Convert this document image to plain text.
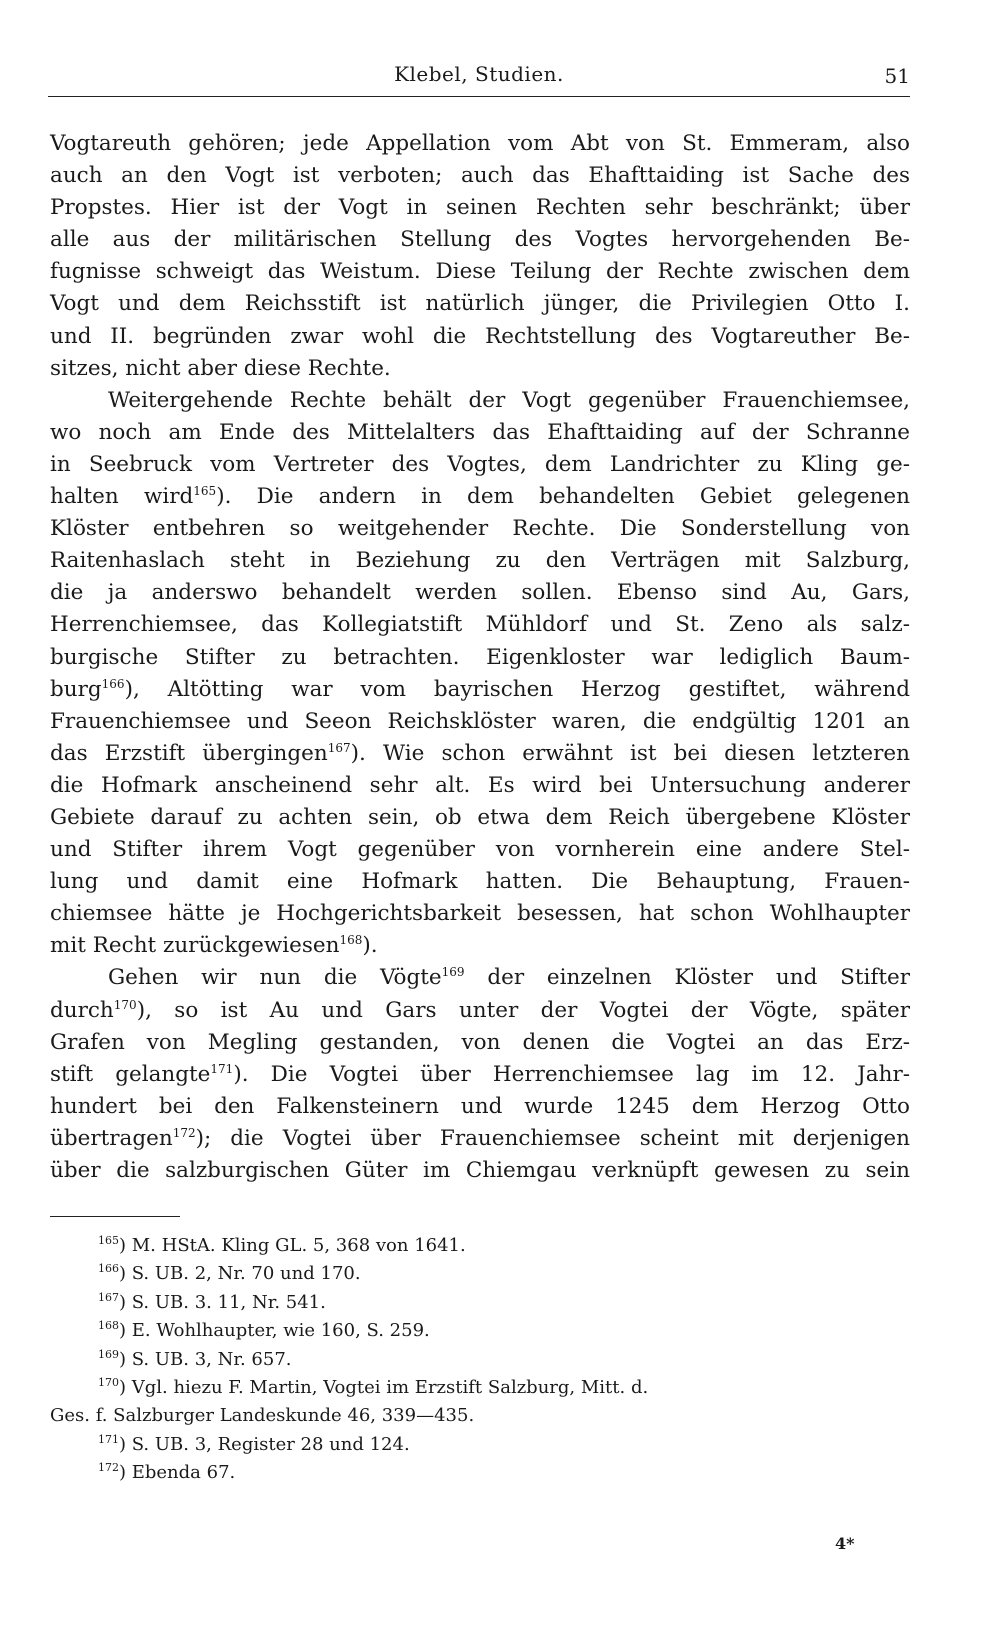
Klebel, Studien.	51

Vogtareuth gehören; jede Appellation vom Abt von St. Emmeram, also
auch an den Vogt ist verboten; auch das Ehafttaiding ist Sache des
Propstes. Hier ist der Vogt in seinen Rechten sehr beschränkt; über
alle aus der militärischen Stellung des Vogtes hervorgehenden Be-
fugnisse schweigt das Weistum. Diese Teilung der Rechte zwischen dem
Vogt und dem Reichsstift ist natürlich jünger, die Privilegien Otto I.
und II. begründen zwar wohl die Rechtstellung des Vogtareuther Be-
sitzes, nicht aber diese Rechte.

Weitergehende Rechte behält der Vogt gegenüber Frauenchiemsee,
wo noch am Ende des Mittelalters das Ehafttaiding auf der Schranne
in Seebruck vom Vertreter des Vogtes, dem Landrichter zu Kling ge-
halten wird$^{165}$). Die andern in dem behandelten Gebiet gelegenen
Klöster entbehren so weitgehender Rechte. Die Sonderstellung von
Raitenhaslach steht in Beziehung zu den Verträgen mit Salzburg,
die ja anderswo behandelt werden sollen. Ebenso sind Au, Gars,
Herrenchiemsee, das Kollegiatstift Mühldorf und St. Zeno als salz-
burgische Stifter zu betrachten. Eigenkloster war lediglich Baum-
burg$^{166}$), Altötting war vom bayrischen Herzog gestiftet, während
Frauenchiemsee und Seeon Reichsklöster waren, die endgültig 1201 an
das Erzstift übergingen$^{167}$). Wie schon erwähnt ist bei diesen letzteren
die Hofmark anscheinend sehr alt. Es wird bei Untersuchung anderer
Gebiete darauf zu achten sein, ob etwa dem Reich übergebene Klöster
und Stifter ihrem Vogt gegenüber von vornherein eine andere Stel-
lung und damit eine Hofmark hatten. Die Behauptung, Frauen-
chiemsee hätte je Hochgerichtsbarkeit besessen, hat schon Wohlhaupter
mit Recht zurückgewiesen$^{168}$).

Gehen wir nun die Vögte$^{169}$ der einzelnen Klöster und Stifter
durch$^{170}$), so ist Au und Gars unter der Vogtei der Vögte, später
Grafen von Megling gestanden, von denen die Vogtei an das Erz-
stift gelangte$^{171}$). Die Vogtei über Herrenchiemsee lag im 12. Jahr-
hundert bei den Falkensteinern und wurde 1245 dem Herzog Otto
übertragen$^{172}$); die Vogtei über Frauenchiemsee scheint mit derjenigen
über die salzburgischen Güter im Chiemgau verknüpft gewesen zu sein

$^{165}$) M. HStA. Kling GL. 5, 368 von 1641.
$^{166}$) S. UB. 2, Nr. 70 und 170.
$^{167}$) S. UB. 3. 11, Nr. 541.
$^{168}$) E. Wohlhaupter, wie 160, S. 259.
$^{169}$) S. UB. 3, Nr. 657.
$^{170}$) Vgl. hiezu F. Martin, Vogtei im Erzstift Salzburg, Mitt. d.
Ges. f. Salzburger Landeskunde 46, 339—435.
$^{171}$) S. UB. 3, Register 28 und 124.
$^{172}$) Ebenda 67.
4*
